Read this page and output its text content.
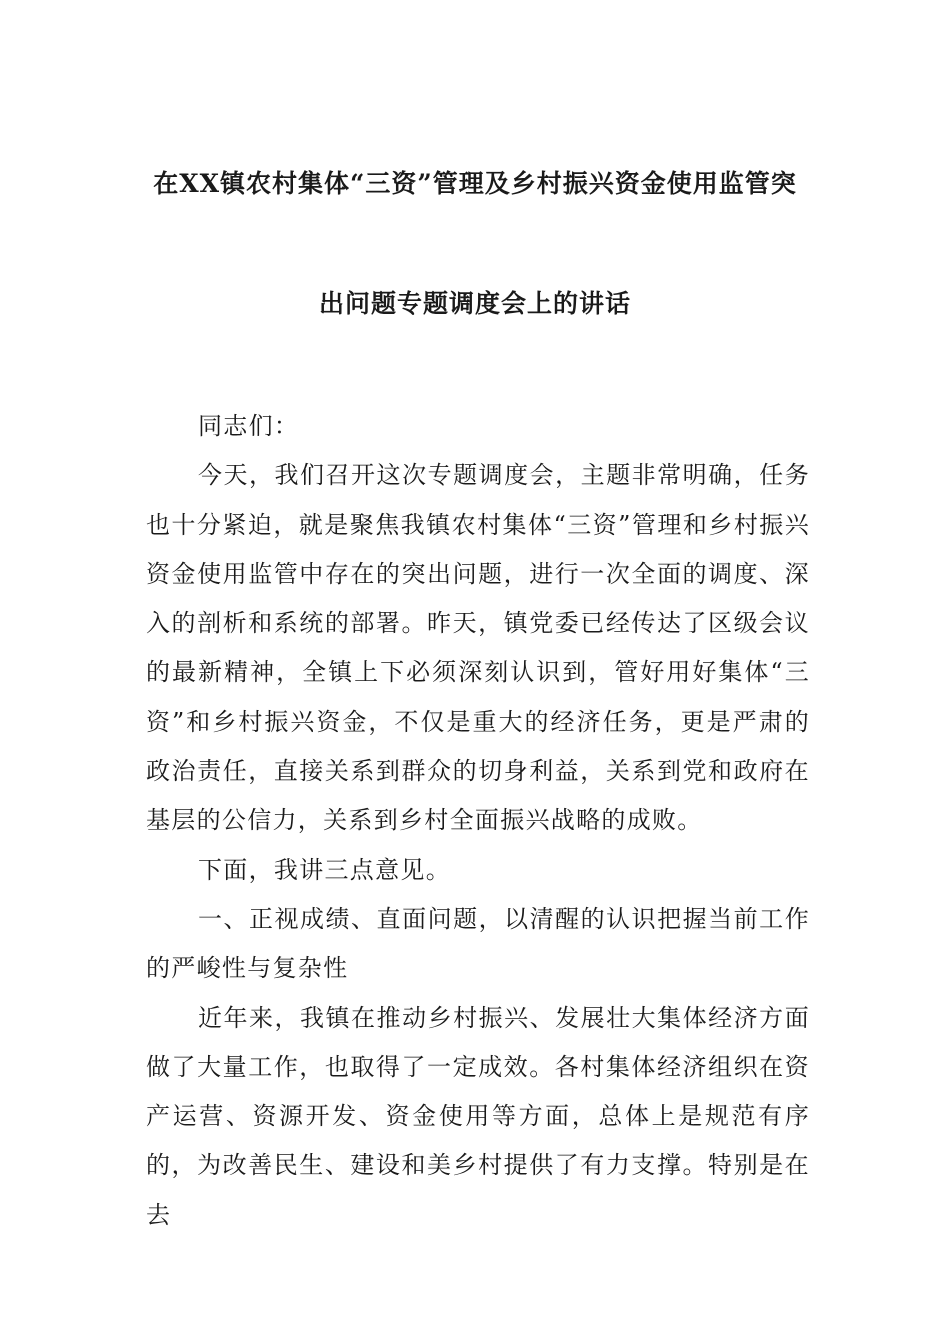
在XX镇农村集体“三资”管理及乡村振兴资金使用监管突
出问题专题调度会上的讲话

同志们：

今天，我们召开这次专题调度会，主题非常明确，任务也十分紧迫，就是聚焦我镇农村集体“三资”管理和乡村振兴资金使用监管中存在的突出问题，进行一次全面的调度、深入的剖析和系统的部署。昨天，镇党委已经传达了区级会议的最新精神，全镇上下必须深刻认识到，管好用好集体“三资”和乡村振兴资金，不仅是重大的经济任务，更是严肃的政治责任，直接关系到群众的切身利益，关系到党和政府在基层的公信力，关系到乡村全面振兴战略的成败。

下面，我讲三点意见。

一、正视成绩、直面问题，以清醒的认识把握当前工作的严峻性与复杂性

近年来，我镇在推动乡村振兴、发展壮大集体经济方面做了大量工作，也取得了一定成效。各村集体经济组织在资产运营、资源开发、资金使用等方面，总体上是规范有序的，为改善民生、建设和美乡村提供了有力支撑。特别是在去
